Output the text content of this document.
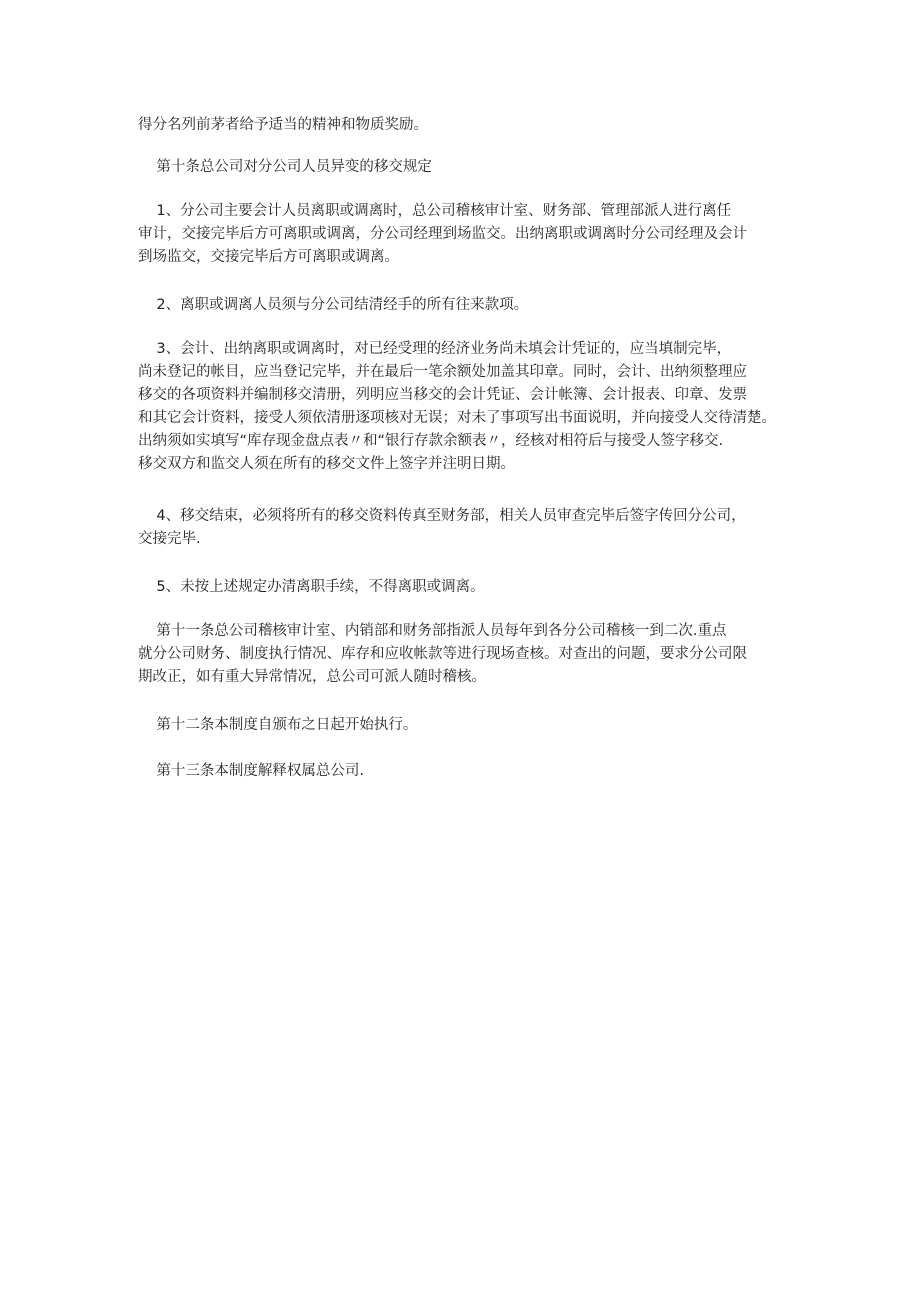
得分名列前茅者给予适当的精神和物质奖励。

第十条总公司对分公司人员异变的移交规定

1、分公司主要会计人员离职或调离时，总公司稽核审计室、财务部、管理部派人进行离任
审计，交接完毕后方可离职或调离，分公司经理到场监交。出纳离职或调离时分公司经理及会计
到场监交，交接完毕后方可离职或调离。

2、离职或调离人员须与分公司结清经手的所有往来款项。

3、会计、出纳离职或调离时，对已经受理的经济业务尚未填会计凭证的，应当填制完毕，
尚未登记的帐目，应当登记完毕，并在最后一笔余额处加盖其印章。同时，会计、出纳须整理应
移交的各项资料并编制移交清册，列明应当移交的会计凭证、会计帐簿、会计报表、印章、发票
和其它会计资料，接受人须依清册逐项核对无误；对未了事项写出书面说明，并向接受人交待清楚。
出纳须如实填写“库存现金盘点表〃和“银行存款余额表〃，经核对相符后与接受人签字移交.
移交双方和监交人须在所有的移交文件上签字并注明日期。

4、移交结束，必须将所有的移交资料传真至财务部，相关人员审查完毕后签字传回分公司，
交接完毕.

5、未按上述规定办清离职手续，不得离职或调离。

第十一条总公司稽核审计室、内销部和财务部指派人员每年到各分公司稽核一到二次.重点
就分公司财务、制度执行情况、库存和应收帐款等进行现场查核。对查出的问题，要求分公司限
期改正，如有重大异常情况，总公司可派人随时稽核。

第十二条本制度自颁布之日起开始执行。

第十三条本制度解释权属总公司.
